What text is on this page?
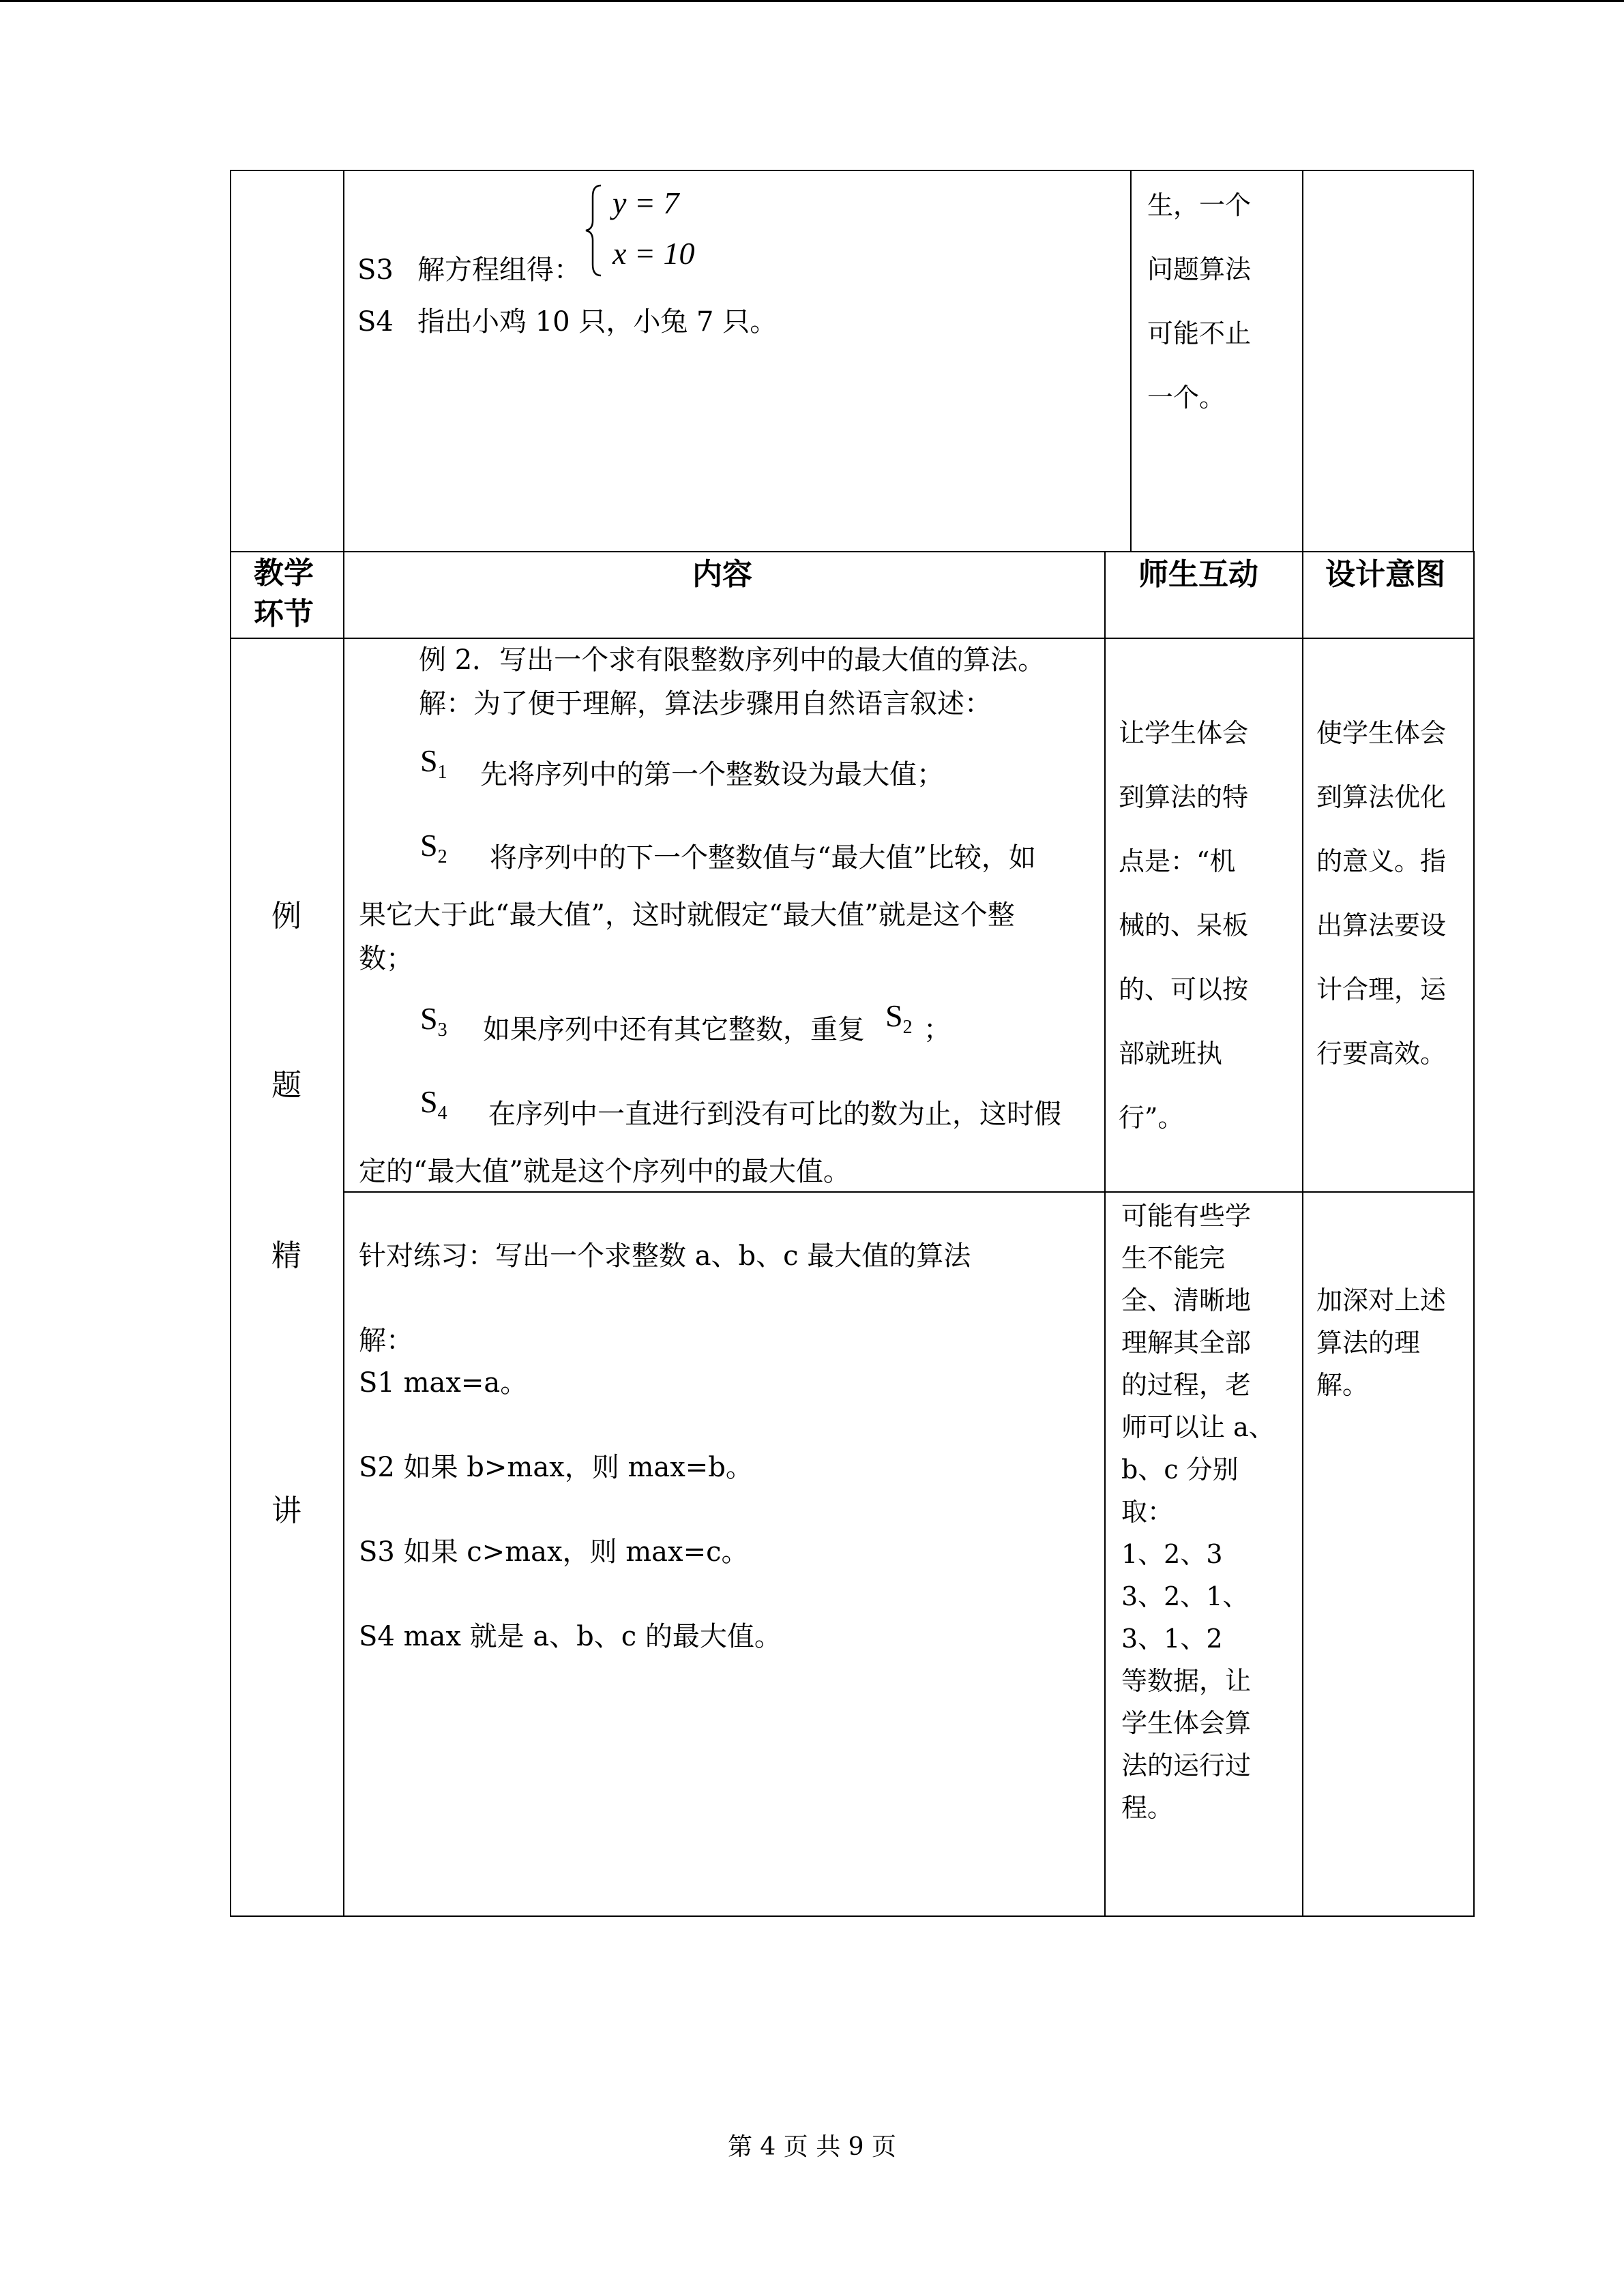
y = 7
x = 10
S3 解方程组得：
S4 指出小鸡 10 只，小兔 7 只。
生，一个
问题算法
可能不止
一个。
教学
环节
内容	师生互动 设计意图
例
题
精
讲
例 2．写出一个求有限整数序列中的最大值的算法。
解：为了便于理解，算法步骤用自然语言叙述：
$S_1$ 先将序列中的第一个整数设为最大值；
$S_2$ 将序列中的下一个整数值与“最大值”比较，如
果它大于此“最大值”，这时就假定“最大值”就是这个整
数；
$S_3$ 如果序列中还有其它整数，重复 $S_2$ ；
$S_4$ 在序列中一直进行到没有可比的数为止，这时假
定的“最大值”就是这个序列中的最大值。
让学生体会
到算法的特
点是：“机
械的、呆板
的、可以按
部就班执
行”。
使学生体会
到算法优化
的意义。指
出算法要设
计合理，运
行要高效。
针对练习：写出一个求整数 a、b、c 最大值的算法
解：
S1 max=a。
S2 如果 b>max，则 max=b。
S3 如果 c>max，则 max=c。
S4 max 就是 a、b、c 的最大值。
可能有些学
生不能完
全、清晰地
理解其全部
的过程，老
师可以让 a、
b、c 分别
取：
1、2、3
3、2、1、
3、1、2
等数据，让
学生体会算
法的运行过
程。
加深对上述
算法的理
解。
第 4 页 共 9 页
